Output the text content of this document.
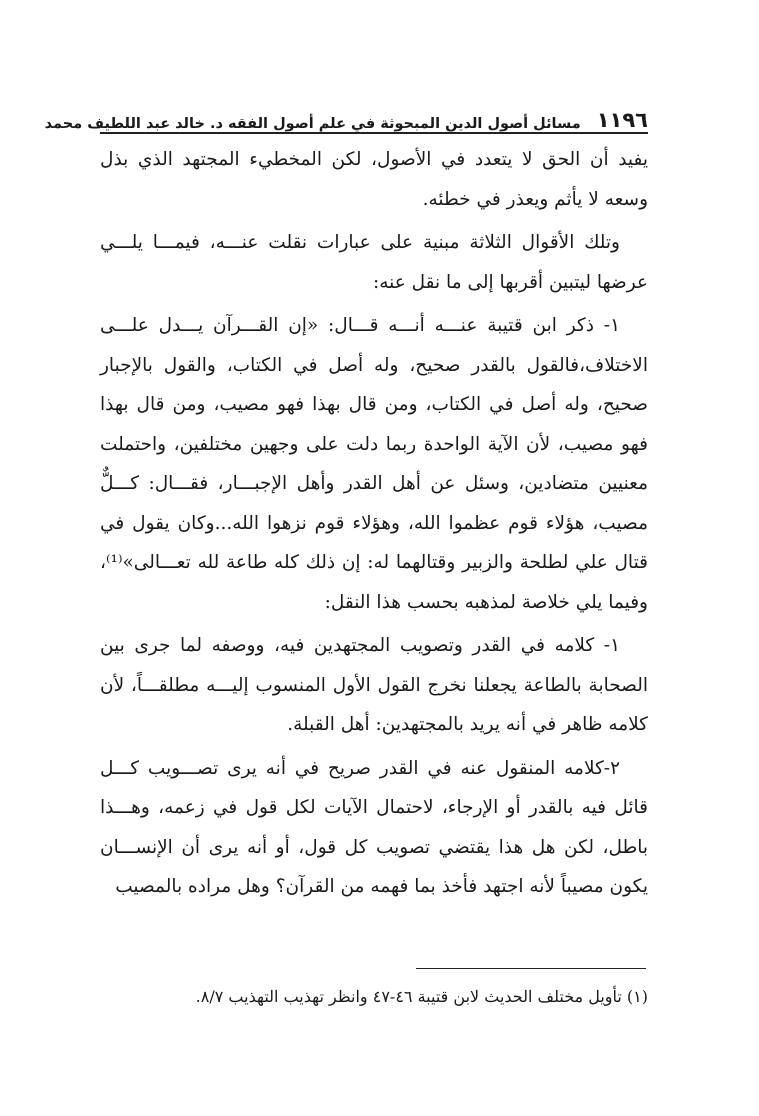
١١٩٦
مسائل أصول الدين المبحوثة في علم أصول الفقه د. خالد عبد اللطيف محمد

يفيد أن الحق لا يتعدد في الأصول، لكن المخطيء المجتهد الذي بذل وسعه لا يأثم ويعذر في خطئه.

وتلك الأقوال الثلاثة مبنية على عبارات نقلت عنـــه، فيمـــا يلـــي عرضها ليتبين أقربها إلى ما نقل عنه:

١- ذكر ابن قتيبة عنـــه أنـــه قـــال: «إن القـــرآن يـــدل علـــى الاختلاف،فالقول بالقدر صحيح، وله أصل في الكتاب، والقول بالإجبار صحيح، وله أصل في الكتاب، ومن قال بهذا فهو مصيب، ومن قال بهذا فهو مصيب، لأن الآية الواحدة ربما دلت على وجهين مختلفين، واحتملت معنيين متضادين، وسئل عن أهل القدر وأهل الإجبـــار، فقـــال: كـــلٌّ مصيب، هؤلاء قوم عظموا الله، وهؤلاء قوم نزهوا الله...وكان يقول في قتال علي لطلحة والزبير وقتالهما له: إن ذلك كله طاعة لله تعـــالى»⁽¹⁾، وفيما يلي خلاصة لمذهبه بحسب هذا النقل:

١- كلامه في القدر وتصويب المجتهدين فيه، ووصفه لما جرى بين الصحابة بالطاعة يجعلنا نخرج القول الأول المنسوب إليـــه مطلقـــاً، لأن كلامه ظاهر في أنه يريد بالمجتهدين: أهل القبلة.

٢-كلامه المنقول عنه في القدر صريح في أنه يرى تصـــويب كـــل قائل فيه بالقدر أو الإرجاء، لاحتمال الآيات لكل قول في زعمه، وهـــذا باطل، لكن هل هذا يقتضي تصويب كل قول، أو أنه يرى أن الإنســـان يكون مصيباً لأنه اجتهد فأخذ بما فهمه من القرآن؟ وهل مراده بالمصيب

(١) تأويل مختلف الحديث لابن قتيبة ٤٦-٤٧ وانظر تهذيب التهذيب ٨/٧.
